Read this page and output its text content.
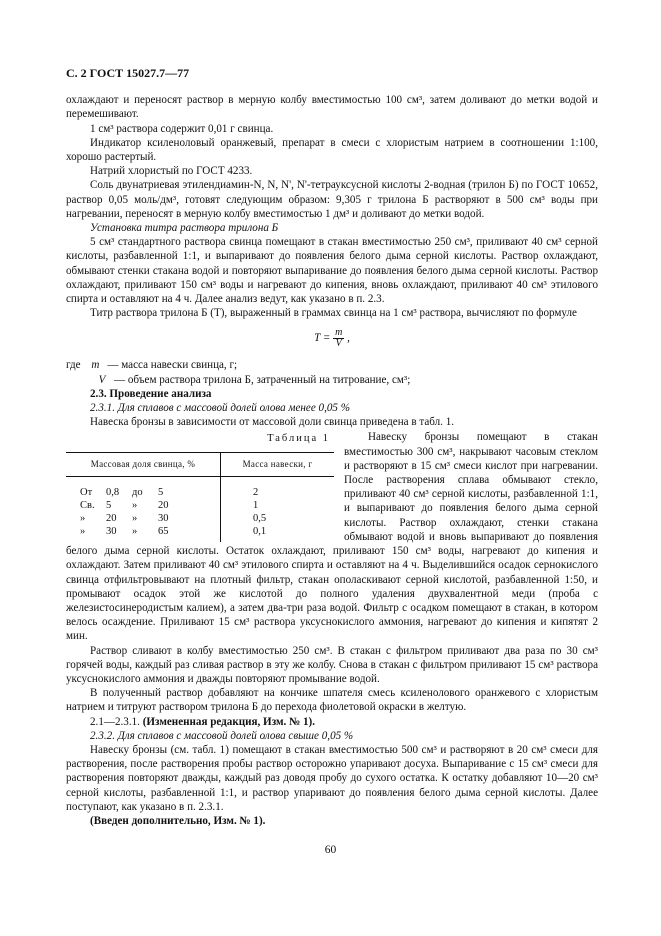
С. 2 ГОСТ 15027.7—77

охлаждают и переносят раствор в мерную колбу вместимостью 100 см³, затем доливают до метки водой и перемешивают.

1 см³ раствора содержит 0,01 г свинца.

Индикатор ксиленоловый оранжевый, препарат в смеси с хлористым натрием в соотношении 1:100, хорошо растертый.

Натрий хлористый по ГОСТ 4233.

Соль двунатриевая этилендиамин-N, N, N', N'-тетрауксусной кислоты 2-водная (трилон Б) по ГОСТ 10652, раствор 0,05 моль/дм³, готовят следующим образом: 9,305 г трилона Б растворяют в 500 см³ воды при нагревании, переносят в мерную колбу вместимостью 1 дм³ и доливают до метки водой.

Установка титра раствора трилона Б

5 см³ стандартного раствора свинца помещают в стакан вместимостью 250 см³, приливают 40 см³ серной кислоты, разбавленной 1:1, и выпаривают до появления белого дыма серной кислоты. Раствор охлаждают, обмывают стенки стакана водой и повторяют выпаривание до появления белого дыма серной кислоты. Раствор охлаждают, приливают 150 см³ воды и нагревают до кипения, вновь охлаждают, приливают 40 см³ этилового спирта и оставляют на 4 ч. Далее анализ ведут, как указано в п. 2.3.

Титр раствора трилона Б (T), выраженный в граммах свинца на 1 см³ раствора, вычисляют по формуле

$T = \frac{m}{V}$ ,
где
m — масса навески свинца, г;
V — объем раствора трилона Б, затраченный на титрование, см³;

2.3. Проведение анализа

2.3.1. Для сплавов с массовой долей олова менее 0,05 %

Навеска бронзы в зависимости от массовой доли свинца приведена в табл. 1.

Таблица 1
Массовая доля свинца, %	Масса навески, г
От 0,8 до 5	2
Св. 5 » 20	1
» 20 » 30	0,5
» 30 » 65	0,1

Навеску бронзы помещают в стакан вместимостью 300 см³, накрывают часовым стеклом и растворяют в 15 см³ смеси кислот при нагревании. После растворения сплава обмывают стекло, приливают 40 см³ серной кислоты, разбавленной 1:1, и выпаривают до появления белого дыма серной кислоты. Раствор охлаждают, стенки стакана обмывают водой и вновь выпаривают до появления белого дыма серной кислоты. Остаток охлаждают, приливают 150 см³ воды, нагревают до кипения и охлаждают. Затем приливают 40 см³ этилового спирта и оставляют на 4 ч. Выделившийся осадок сернокислого свинца отфильтровывают на плотный фильтр, стакан ополаскивают серной кислотой, разбавленной 1:50, и промывают осадок этой же кислотой до полного удаления двухвалентной меди (проба с железистосинеродистым калием), а затем два-три раза водой. Фильтр с осадком помещают в стакан, в котором велось осаждение. Приливают 15 см³ раствора уксуснокислого аммония, нагревают до кипения и кипятят 2 мин.

Раствор сливают в колбу вместимостью 250 см³. В стакан с фильтром приливают два раза по 30 см³ горячей воды, каждый раз сливая раствор в эту же колбу. Снова в стакан с фильтром приливают 15 см³ раствора уксуснокислого аммония и дважды повторяют промывание водой.

В полученный раствор добавляют на кончике шпателя смесь ксиленолового оранжевого с хлористым натрием и титруют раствором трилона Б до перехода фиолетовой окраски в желтую.

2.1—2.3.1. (Измененная редакция, Изм. № 1).

2.3.2. Для сплавов с массовой долей олова свыше 0,05 %

Навеску бронзы (см. табл. 1) помещают в стакан вместимостью 500 см³ и растворяют в 20 см³ смеси для растворения, после растворения пробы раствор осторожно упаривают досуха. Выпаривание с 15 см³ смеси для растворения повторяют дважды, каждый раз доводя пробу до сухого остатка. К остатку добавляют 10—20 см³ серной кислоты, разбавленной 1:1, и раствор упаривают до появления белого дыма серной кислоты. Далее поступают, как указано в п. 2.3.1.

(Введен дополнительно, Изм. № 1).

60
